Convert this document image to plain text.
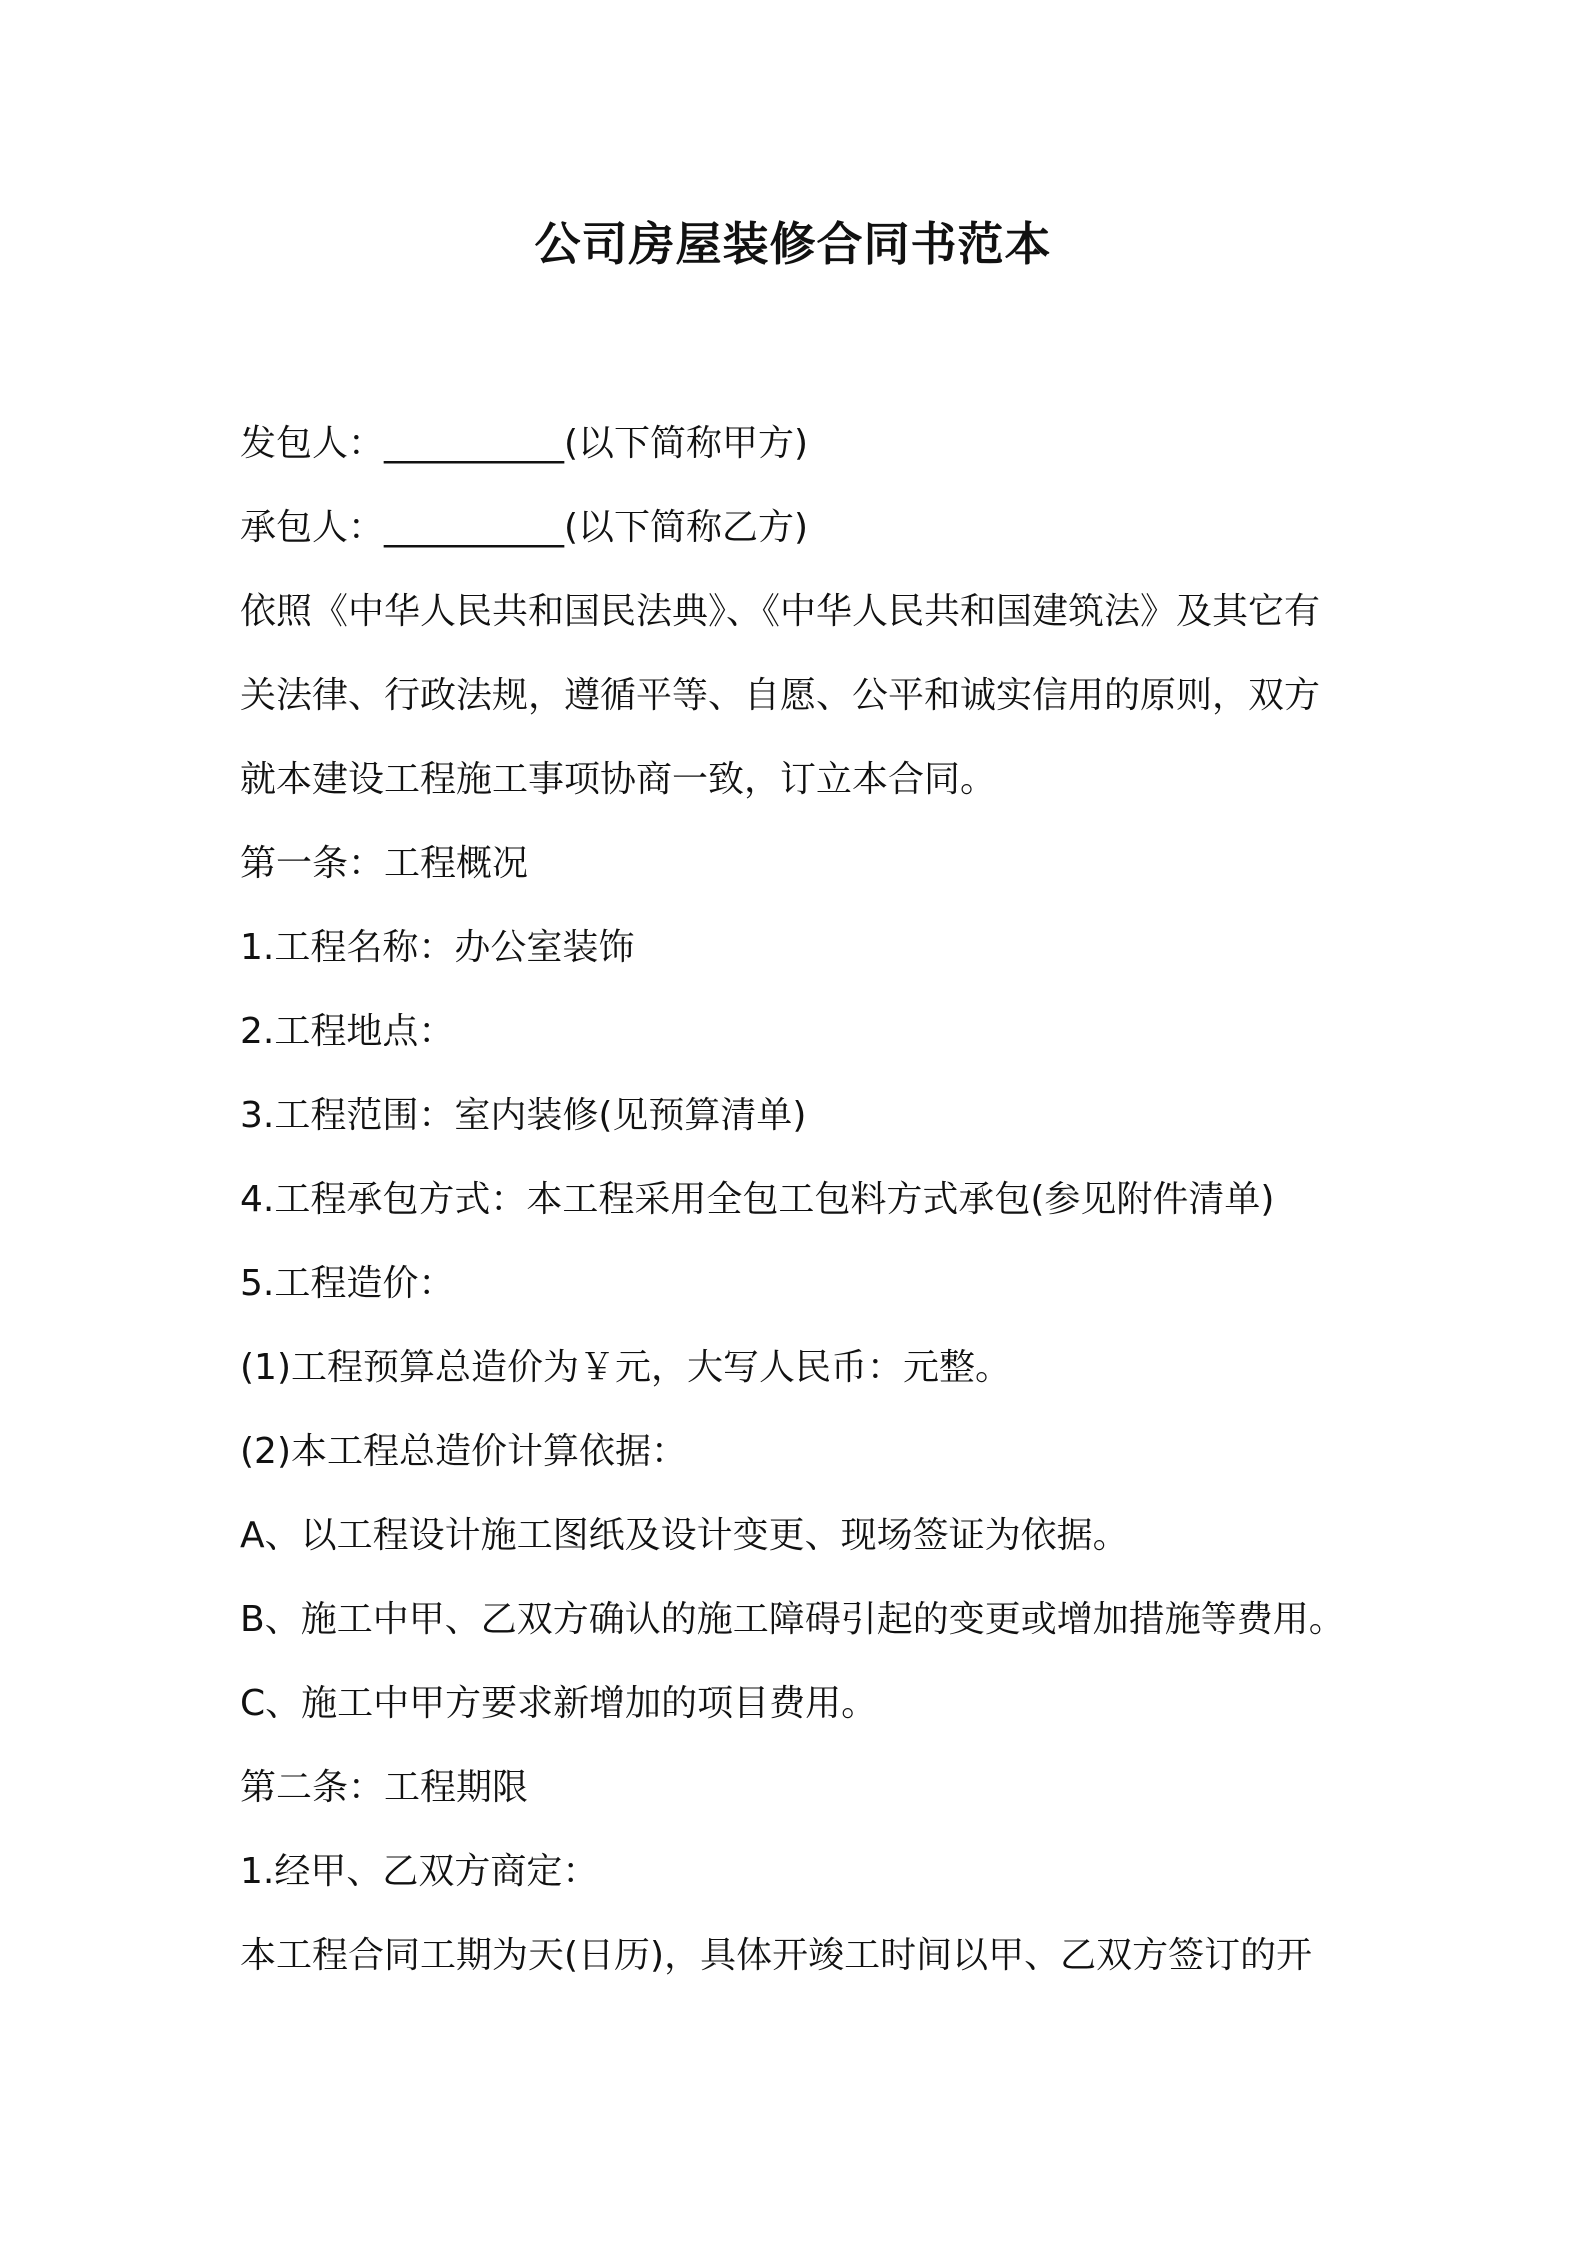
公司房屋装修合同书范本
发包人：__________(以下简称甲方)
承包人：__________(以下简称乙方)
依照《中华人民共和国民法典》、《中华人民共和国建筑法》及其它有
关法律、行政法规，遵循平等、自愿、公平和诚实信用的原则，双方
就本建设工程施工事项协商一致，订立本合同。
第一条：工程概况
1.工程名称：办公室装饰
2.工程地点：
3.工程范围：室内装修(见预算清单)
4.工程承包方式：本工程采用全包工包料方式承包(参见附件清单)
5.工程造价：
(1)工程预算总造价为￥元，大写人民币：元整。
(2)本工程总造价计算依据：
A、以工程设计施工图纸及设计变更、现场签证为依据。
B、施工中甲、乙双方确认的施工障碍引起的变更或增加措施等费用。
C、施工中甲方要求新增加的项目费用。
第二条：工程期限
1.经甲、乙双方商定：
本工程合同工期为天(日历)，具体开竣工时间以甲、乙双方签订的开
